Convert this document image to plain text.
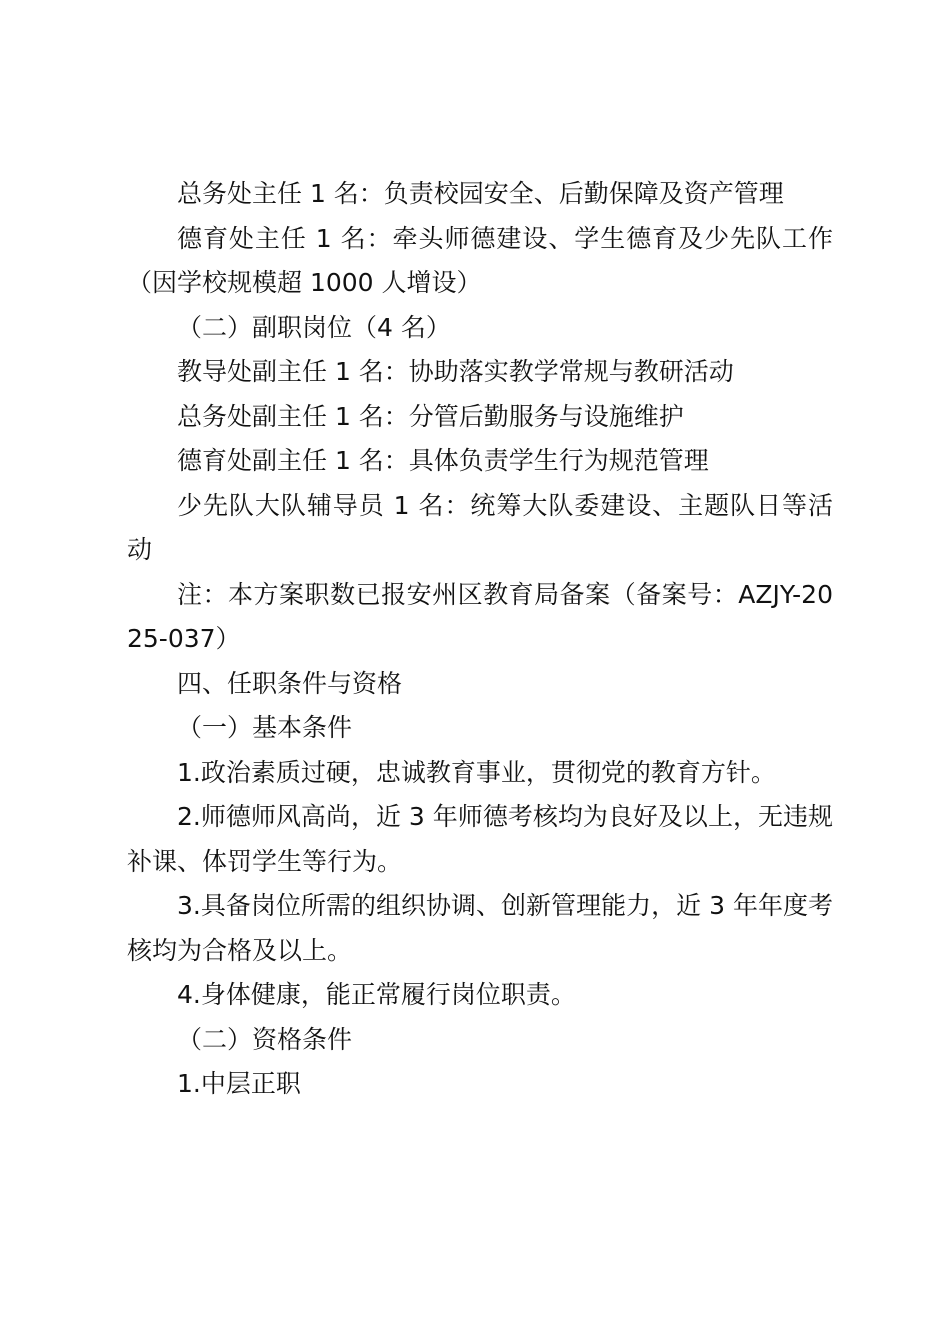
总务处主任 1 名：负责校园安全、后勤保障及资产管理

德育处主任 1 名：牵头师德建设、学生德育及少先队工作（因学校规模超 1000 人增设）

（二）副职岗位（4 名）

教导处副主任 1 名：协助落实教学常规与教研活动

总务处副主任 1 名：分管后勤服务与设施维护

德育处副主任 1 名：具体负责学生行为规范管理

少先队大队辅导员 1 名：统筹大队委建设、主题队日等活动

注：本方案职数已报安州区教育局备案（备案号：AZJY-2025-037）

四、任职条件与资格

（一）基本条件

1.政治素质过硬，忠诚教育事业，贯彻党的教育方针。

2.师德师风高尚，近 3 年师德考核均为良好及以上，无违规补课、体罚学生等行为。

3.具备岗位所需的组织协调、创新管理能力，近 3 年年度考核均为合格及以上。

4.身体健康，能正常履行岗位职责。

（二）资格条件

1.中层正职
